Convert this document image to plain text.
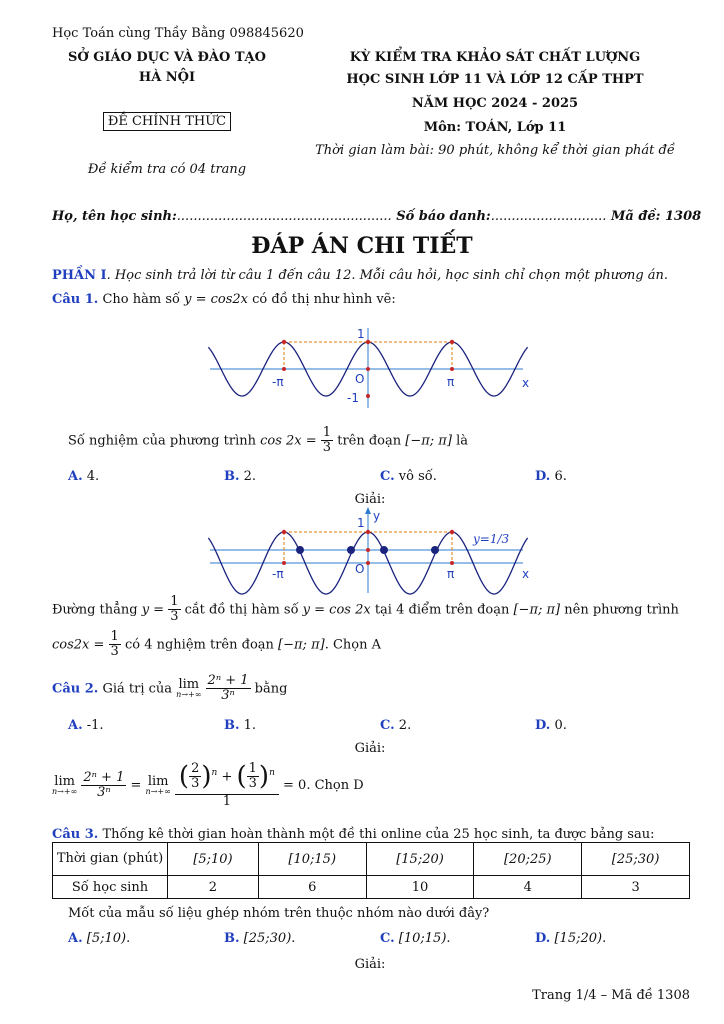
Học Toán cùng Thầy Bằng 098845620
SỞ GIÁO DỤC VÀ ĐÀO TẠO
HÀ NỘI
ĐỀ CHÍNH THỨC
Đề kiểm tra có 04 trang
KỲ KIỂM TRA KHẢO SÁT CHẤT LƯỢNG
HỌC SINH LỚP 11 VÀ LỚP 12 CẤP THPT
NĂM HỌC 2024 - 2025
Môn: TOÁN, Lớp 11
Thời gian làm bài: 90 phút, không kể thời gian phát đề
Họ, tên học sinh:.................................................... Số báo danh:............................ Mã đề: 1308
ĐÁP ÁN CHI TIẾT
PHẦN I. Học sinh trả lời từ câu 1 đến câu 12. Mỗi câu hỏi, học sinh chỉ chọn một phương án.
Câu 1. Cho hàm số y = cos2x có đồ thị như hình vẽ:
1
-1
-π	π
O	x
Số nghiệm của phương trình $\cos 2x = \frac{1}{3}$ trên đoạn [−π; π] là
A. 4.	B. 2.	C. vô số.	D. 6.
Giải:
1 y
-π	π
O	x
y=1/3
Đường thẳng $y = \frac{1}{3}$ cắt đồ thị hàm số y = cos 2x tại 4 điểm trên đoạn [−π; π] nên phương trình
$\cos 2x = \frac{1}{3}$ có 4 nghiệm trên đoạn [−π; π]. Chọn A
Câu 2. Giá trị của lim
n→+∞
$\frac{\text{2ⁿ + 1}}{\text{3ⁿ}}$ bằng
A. -1.	B. 1.	C. 2.	D. 0.
Giải:
lim
n→+∞
$\frac{\text{2ⁿ + 1}}{\text{3ⁿ}} = \lim$
n→+∞
$\frac{( \frac{2}{3} )^n + ( \frac{1}{3} )^n}{1} = 0$. Chọn D
Câu 3. Thống kê thời gian hoàn thành một đề thi online của 25 học sinh, ta được bảng sau:
Thời gian (phút)	[5;10)	[10;15)	[15;20)	[20;25)	[25;30)
Số học sinh	2	6	10	4	3
Mốt của mẫu số liệu ghép nhóm trên thuộc nhóm nào dưới đây?
A. [5;10).	B. [25;30).	C. [10;15).	D. [15;20).
Giải:
Trang 1/4 – Mã đề 1308
